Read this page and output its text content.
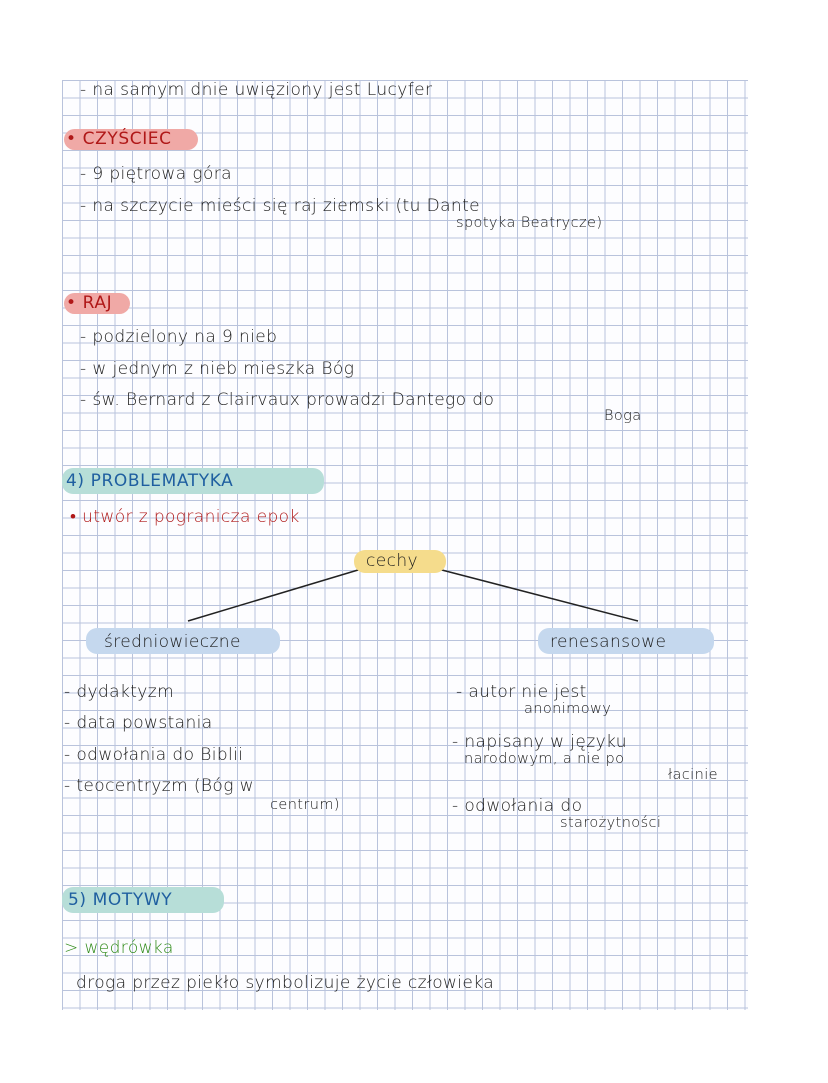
- na samym dnie uwięziony jest Lucyfer
• CZYŚCIEC
- 9 piętrowa góra
- na szczycie mieści się raj ziemski (tu Dante
spotyka Beatrycze)
• RAJ
- podzielony na 9 nieb
- w jednym z nieb mieszka Bóg
- św. Bernard z Clairvaux prowadzi Dantego do
Boga
4) PROBLEMATYKA
• utwór z pogranicza epok
cechy
średniowieczne	renesansowe
- dydaktyzm
- data powstania
- odwołania do Biblii
- teocentryzm (Bóg w
centrum)
- autor nie jest
anonimowy
- napisany w języku
narodowym, a nie po
łacinie
- odwołania do
starożytności
5) MOTYWY
> wędrówka
droga przez piekło symbolizuje życie człowieka
